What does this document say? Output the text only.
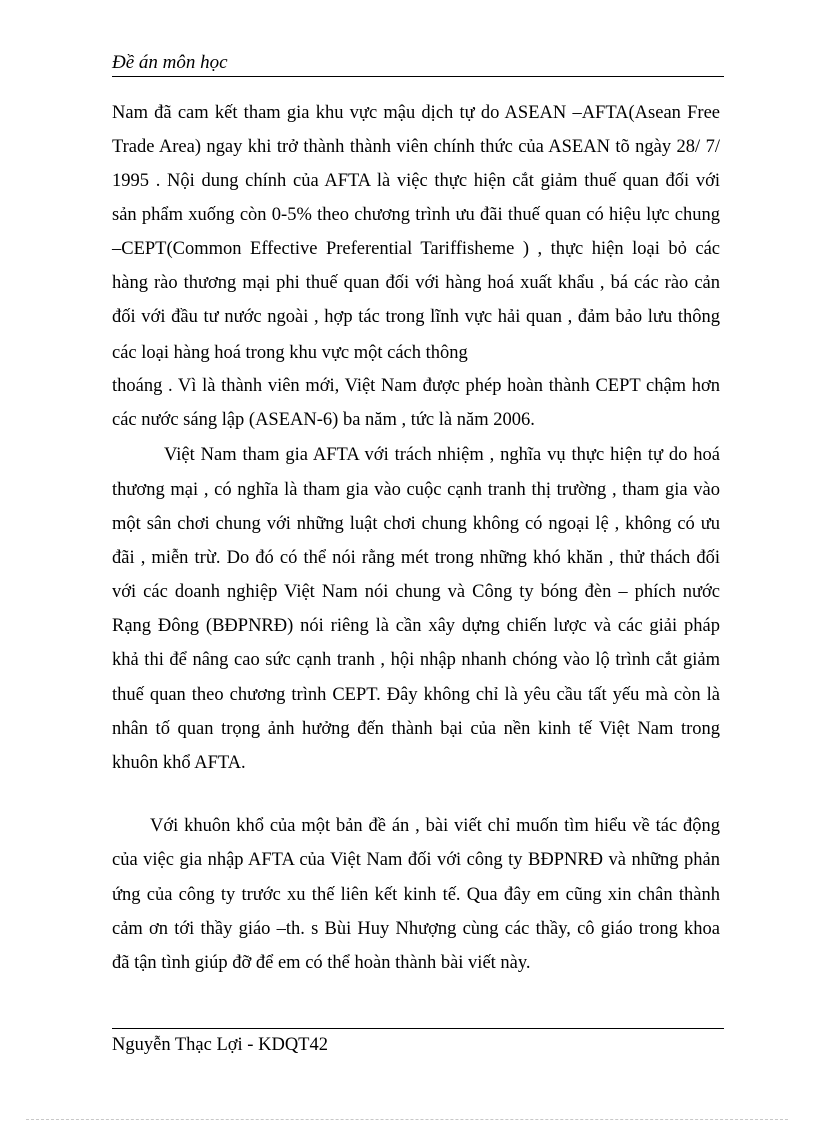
Đề án môn học
Nam đã cam kết tham gia khu vực mậu dịch tự do ASEAN –AFTA(Asean Free
Trade Area) ngay khi trở thành thành viên chính thức của ASEAN tõ ngày 28/ 7/
1995 . Nội dung chính của AFTA là việc thực hiện cắt giảm thuế quan đối với
sản phẩm xuống còn 0-5% theo chương trình ưu đãi thuế quan có hiệu lực chung
–CEPT(Common Effective Preferential Tariffisheme ) , thực hiện loại bỏ các
hàng rào thương mại phi thuế quan đối với hàng hoá xuất khẩu , bá các rào cản
đối với đầu tư nước ngoài , hợp tác trong lĩnh vực hải quan , đảm bảo lưu thông
các loại hàng hoá trong khu vực một cách thông
thoáng . Vì là thành viên mới, Việt Nam được phép hoàn thành CEPT chậm hơn
các nước sáng lập (ASEAN-6) ba năm , tức là năm 2006.
Việt Nam tham gia AFTA với trách nhiệm , nghĩa vụ thực hiện tự do hoá
thương mại , có nghĩa là tham gia vào cuộc cạnh tranh thị trường , tham gia vào
một sân chơi chung với những luật chơi chung không có ngoại lệ , không có ưu
đãi , miễn trừ. Do đó có thể nói rằng mét trong những khó khăn , thử thách đối
với các doanh nghiệp Việt Nam nói chung và Công ty bóng đèn – phích nước
Rạng Đông (BĐPNRĐ) nói riêng là cần xây dựng chiến lược và các giải pháp
khả thi để nâng cao sức cạnh tranh , hội nhập nhanh chóng vào lộ trình cắt giảm
thuế quan theo chương trình CEPT. Đây không chỉ là yêu cầu tất yếu mà còn là
nhân tố quan trọng ảnh hưởng đến thành bại của nền kinh tế Việt Nam trong
khuôn khổ AFTA.
Với khuôn khổ của một bản đề án , bài viết chỉ muốn tìm hiểu về tác động
của việc gia nhập AFTA của Việt Nam đối với công ty BĐPNRĐ và những phản
ứng của công ty trước xu thế liên kết kinh tế. Qua đây em cũng xin chân thành
cảm ơn tới thầy giáo –th. s Bùi Huy Nhượng cùng các thầy, cô giáo trong khoa
đã tận tình giúp đỡ để em có thể hoàn thành bài viết này.
Nguyễn Thạc Lợi - KDQT42
